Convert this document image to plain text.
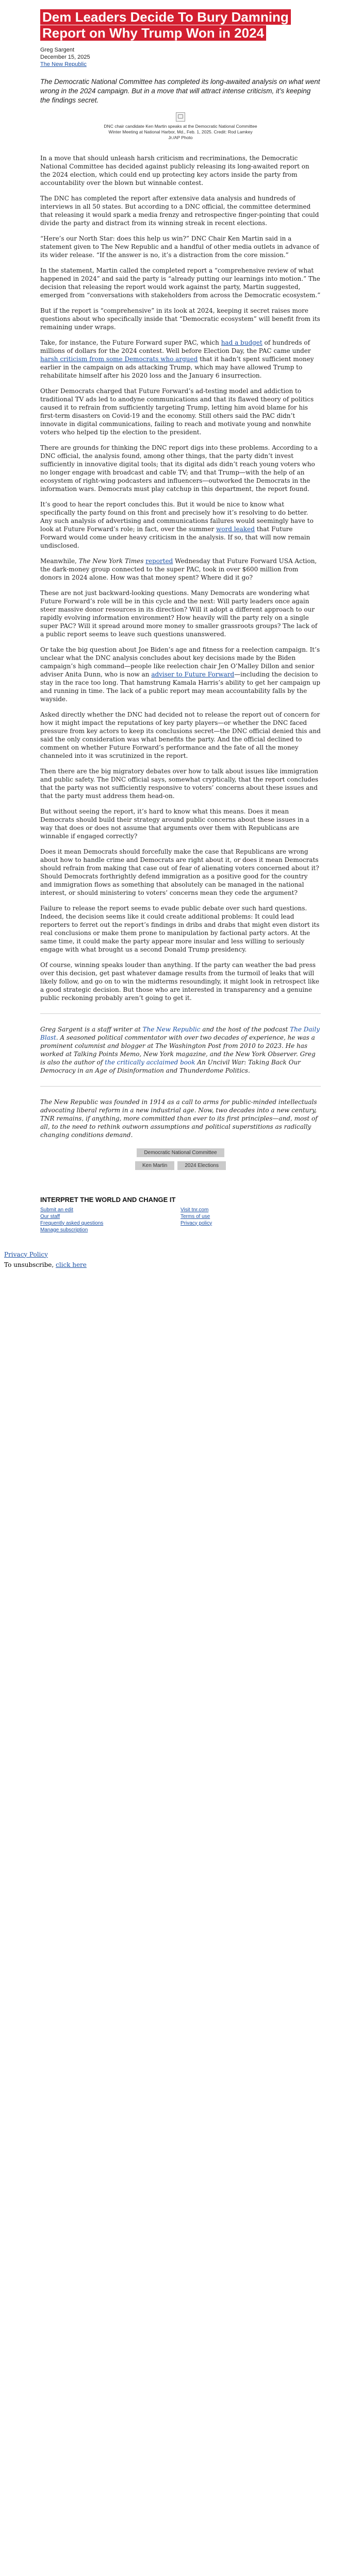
Dem Leaders Decide To Bury Damning Report on Why Trump Won in 2024
Greg Sargent
December 15, 2025
The New Republic
The Democratic National Committee has completed its long-awaited analysis on what went wrong in the 2024 campaign. But in a move that will attract intense criticism, it’s keeping the findings secret.
DNC chair candidate Ken Martin speaks at the Democratic National Committee Winter Meeting at National Harbor, Md., Feb. 1, 2025. Credit: Rod Lamkey Jr./AP Photo

In a move that should unleash harsh criticism and recriminations, the Democratic National Committee has decided against publicly releasing its long-awaited report on the 2024 election, which could end up protecting key actors inside the party from accountability over the blown but winnable contest.

The DNC has completed the report after extensive data analysis and hundreds of interviews in all 50 states. But according to a DNC official, the committee determined that releasing it would spark a media frenzy and retrospective finger-pointing that could divide the party and distract from its winning streak in recent elections.

“Here’s our North Star: does this help us win?” DNC Chair Ken Martin said in a statement given to The New Republic and a handful of other media outlets in advance of its wider release. “If the answer is no, it’s a distraction from the core mission.”

In the statement, Martin called the completed report a “comprehensive review of what happened in 2024” and said the party is “already putting our learnings into motion.” The decision that releasing the report would work against the party, Martin suggested, emerged from “conversations with stakeholders from across the Democratic ecosystem.”

But if the report is “comprehensive” in its look at 2024, keeping it secret raises more questions about who specifically inside that “Democratic ecosystem” will benefit from its remaining under wraps.

Take, for instance, the Future Forward super PAC, which had a budget of hundreds of millions of dollars for the 2024 contest. Well before Election Day, the PAC came under harsh criticism from some Democrats who argued that it hadn’t spent sufficient money earlier in the campaign on ads attacking Trump, which may have allowed Trump to rehabilitate himself after his 2020 loss and the January 6 insurrection.

Other Democrats charged that Future Forward’s ad-testing model and addiction to traditional TV ads led to anodyne communications and that its flawed theory of politics caused it to refrain from sufficiently targeting Trump, letting him avoid blame for his first-term disasters on Covid-19 and the economy. Still others said the PAC didn’t innovate in digital communications, failing to reach and motivate young and nonwhite voters who helped tip the election to the president.

There are grounds for thinking the DNC report digs into these problems. According to a DNC official, the analysis found, among other things, that the party didn’t invest sufficiently in innovative digital tools; that its digital ads didn’t reach young voters who no longer engage with broadcast and cable TV; and that Trump—with the help of an ecosystem of right-wing podcasters and influencers—outworked the Democrats in the information wars. Democrats must play catchup in this department, the report found.

It’s good to hear the report concludes this. But it would be nice to know what specifically the party found on this front and precisely how it’s resolving to do better. Any such analysis of advertising and communications failures would seemingly have to look at Future Forward’s role; in fact, over the summer word leaked that Future Forward would come under heavy criticism in the analysis. If so, that will now remain undisclosed.

Meanwhile, The New York Times reported Wednesday that Future Forward USA Action, the dark-money group connected to the super PAC, took in over $600 million from donors in 2024 alone. How was that money spent? Where did it go?

These are not just backward-looking questions. Many Democrats are wondering what Future Forward’s role will be in this cycle and the next: Will party leaders once again steer massive donor resources in its direction? Will it adopt a different approach to our rapidly evolving information environment? How heavily will the party rely on a single super PAC? Will it spread around more money to smaller grassroots groups? The lack of a public report seems to leave such questions unanswered.

Or take the big question about Joe Biden’s age and fitness for a reelection campaign. It’s unclear what the DNC analysis concludes about key decisions made by the Biden campaign’s high command—people like reelection chair Jen O’Malley Dillon and senior adviser Anita Dunn, who is now an adviser to Future Forward—including the decision to stay in the race too long. That hamstrung Kamala Harris’s ability to get her campaign up and running in time. The lack of a public report may mean accountability falls by the wayside.

Asked directly whether the DNC had decided not to release the report out of concern for how it might impact the reputations of key party players—or whether the DNC faced pressure from key actors to keep its conclusions secret—the DNC official denied this and said the only consideration was what benefits the party. And the official declined to comment on whether Future Forward’s performance and the fate of all the money channeled into it was scrutinized in the report.

Then there are the big migratory debates over how to talk about issues like immigration and public safety. The DNC official says, somewhat cryptically, that the report concludes that the party was not sufficiently responsive to voters’ concerns about these issues and that the party must address them head-on.

But without seeing the report, it’s hard to know what this means. Does it mean Democrats should build their strategy around public concerns about these issues in a way that does or does not assume that arguments over them with Republicans are winnable if engaged correctly?

Does it mean Democrats should forcefully make the case that Republicans are wrong about how to handle crime and Democrats are right about it, or does it mean Democrats should refrain from making that case out of fear of alienating voters concerned about it? Should Democrats forthrightly defend immigration as a positive good for the country and immigration flows as something that absolutely can be managed in the national interest, or should ministering to voters’ concerns mean they cede the argument?

Failure to release the report seems to evade public debate over such hard questions. Indeed, the decision seems like it could create additional problems: It could lead reporters to ferret out the report’s findings in dribs and drabs that might even distort its real conclusions or make them prone to manipulation by factional party actors. At the same time, it could make the party appear more insular and less willing to seriously engage with what brought us a second Donald Trump presidency.

Of course, winning speaks louder than anything. If the party can weather the bad press over this decision, get past whatever damage results from the turmoil of leaks that will likely follow, and go on to win the midterms resoundingly, it might look in retrospect like a good strategic decision. But those who are interested in transparency and a genuine public reckoning probably aren’t going to get it.

Greg Sargent is a staff writer at The New Republic and the host of the podcast The Daily Blast. A seasoned political commentator with over two decades of experience, he was a prominent columnist and blogger at The Washington Post from 2010 to 2023. He has worked at Talking Points Memo, New York magazine, and the New York Observer. Greg is also the author of the critically acclaimed book An Uncivil War: Taking Back Our Democracy in an Age of Disinformation and Thunderdome Politics.

The New Republic was founded in 1914 as a call to arms for public-minded intellectuals advocating liberal reform in a new industrial age. Now, two decades into a new century, TNR remains, if anything, more committed than ever to its first principles—and, most of all, to the need to rethink outworn assumptions and political superstitions as radically changing conditions demand.

Democratic National Committee
Ken Martin	2024 Elections
INTERPRET THE WORLD AND CHANGE IT
Submit an edit
Our staff
Frequently asked questions
Manage subscription
Visit tnr.com
Terms of use
Privacy policy

Privacy Policy

To unsubscribe, click here
